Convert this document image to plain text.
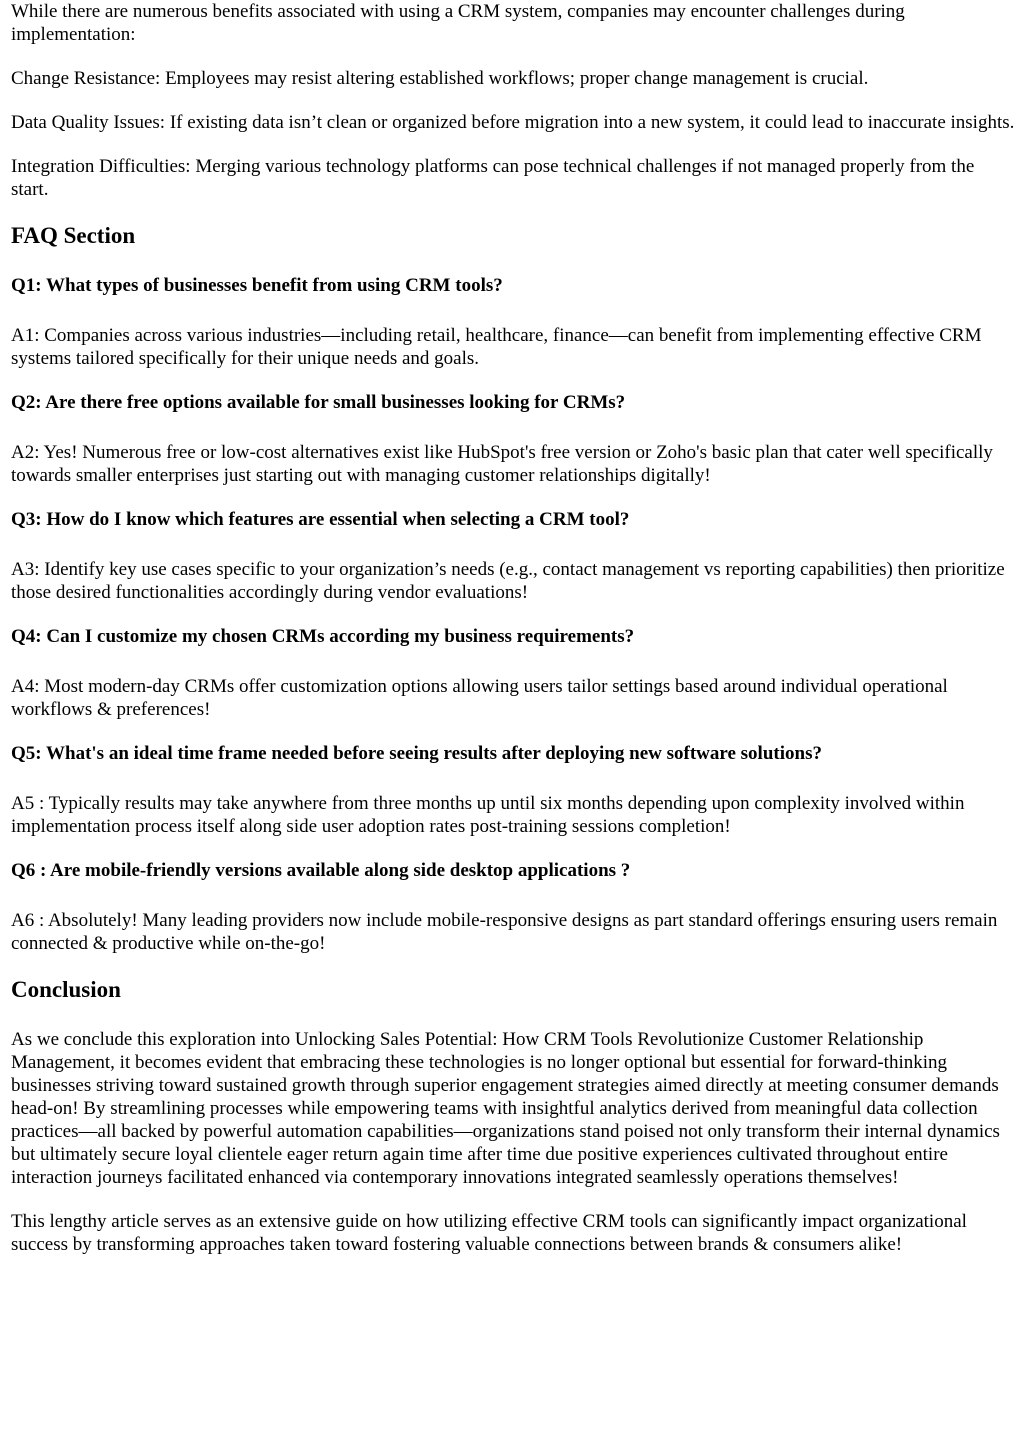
While there are numerous benefits associated with using a CRM system, companies may encounter challenges during implementation:

Change Resistance: Employees may resist altering established workflows; proper change management is crucial.

Data Quality Issues: If existing data isn’t clean or organized before migration into a new system, it could lead to inaccurate insights.

Integration Difficulties: Merging various technology platforms can pose technical challenges if not managed properly from the start.

FAQ Section
Q1: What types of businesses benefit from using CRM tools?

A1: Companies across various industries—including retail, healthcare, finance—can benefit from implementing effective CRM systems tailored specifically for their unique needs and goals.

Q2: Are there free options available for small businesses looking for CRMs?

A2: Yes! Numerous free or low-cost alternatives exist like HubSpot's free version or Zoho's basic plan that cater well specifically towards smaller enterprises just starting out with managing customer relationships digitally!

Q3: How do I know which features are essential when selecting a CRM tool?

A3: Identify key use cases specific to your organization’s needs (e.g., contact management vs reporting capabilities) then prioritize those desired functionalities accordingly during vendor evaluations!

Q4: Can I customize my chosen CRMs according my business requirements?

A4: Most modern-day CRMs offer customization options allowing users tailor settings based around individual operational workflows & preferences!

Q5: What's an ideal time frame needed before seeing results after deploying new software solutions?

A5 : Typically results may take anywhere from three months up until six months depending upon complexity involved within implementation process itself along side user adoption rates post-training sessions completion!

Q6 : Are mobile-friendly versions available along side desktop applications ?

A6 : Absolutely! Many leading providers now include mobile-responsive designs as part standard offerings ensuring users remain connected & productive while on-the-go!

Conclusion

As we conclude this exploration into Unlocking Sales Potential: How CRM Tools Revolutionize Customer Relationship Management, it becomes evident that embracing these technologies is no longer optional but essential for forward-thinking businesses striving toward sustained growth through superior engagement strategies aimed directly at meeting consumer demands head-on! By streamlining processes while empowering teams with insightful analytics derived from meaningful data collection practices—all backed by powerful automation capabilities—organizations stand poised not only transform their internal dynamics but ultimately secure loyal clientele eager return again time after time due positive experiences cultivated throughout entire interaction journeys facilitated enhanced via contemporary innovations integrated seamlessly operations themselves!

This lengthy article serves as an extensive guide on how utilizing effective CRM tools can significantly impact organizational success by transforming approaches taken toward fostering valuable connections between brands & consumers alike!
